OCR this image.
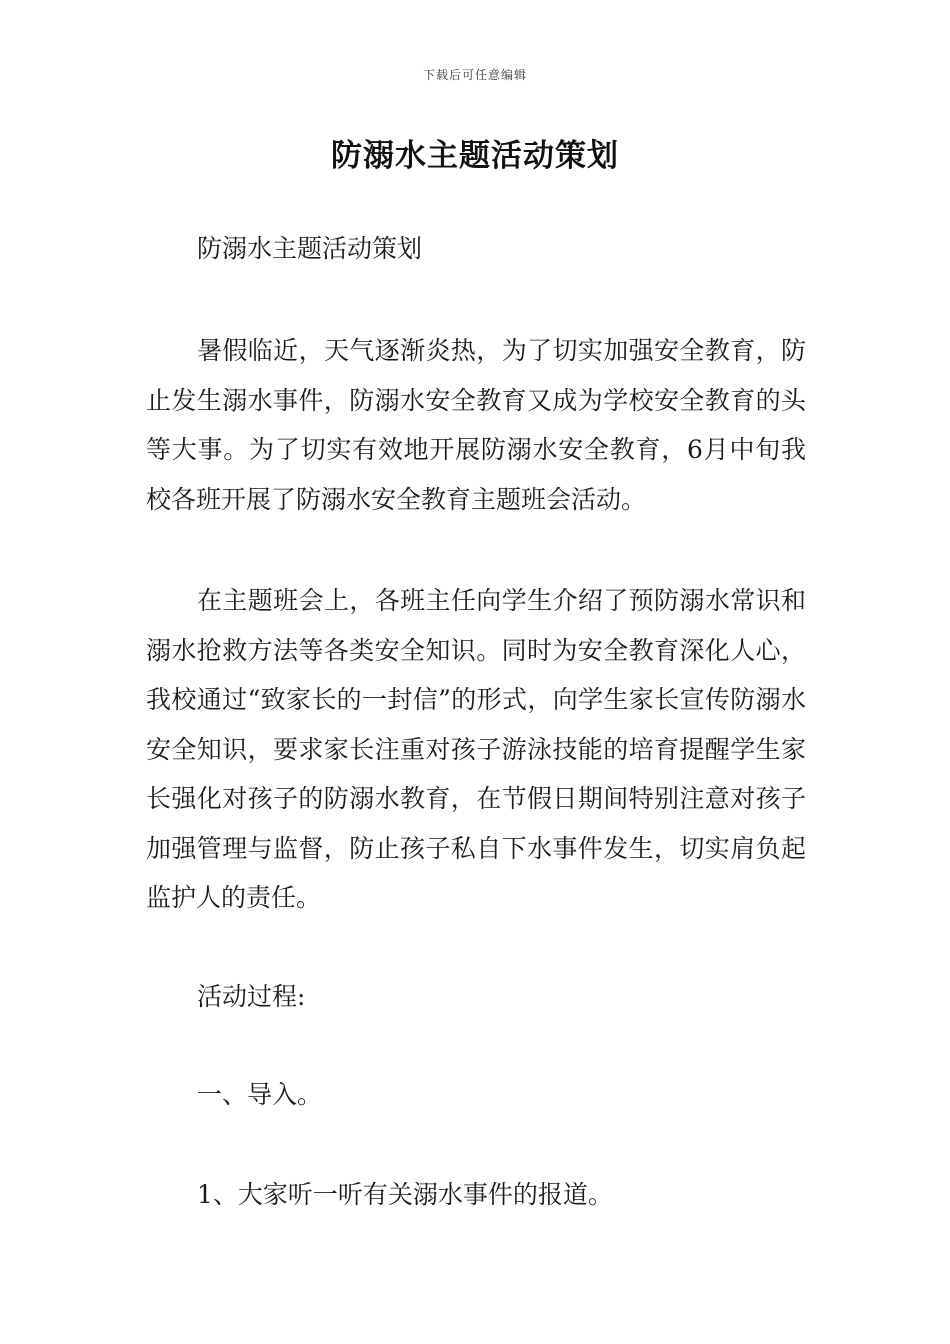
下载后可任意编辑
防溺水主题活动策划

防溺水主题活动策划

暑假临近，天气逐渐炎热，为了切实加强安全教育，防止发生溺水事件，防溺水安全教育又成为学校安全教育的头等大事。为了切实有效地开展防溺水安全教育，6月中旬我校各班开展了防溺水安全教育主题班会活动。

在主题班会上，各班主任向学生介绍了预防溺水常识和溺水抢救方法等各类安全知识。同时为安全教育深化人心，我校通过“致家长的一封信”的形式，向学生家长宣传防溺水安全知识，要求家长注重对孩子游泳技能的培育提醒学生家长强化对孩子的防溺水教育，在节假日期间特别注意对孩子加强管理与监督，防止孩子私自下水事件发生，切实肩负起监护人的责任。

活动过程:

一、导入。

1、大家听一听有关溺水事件的报道。
